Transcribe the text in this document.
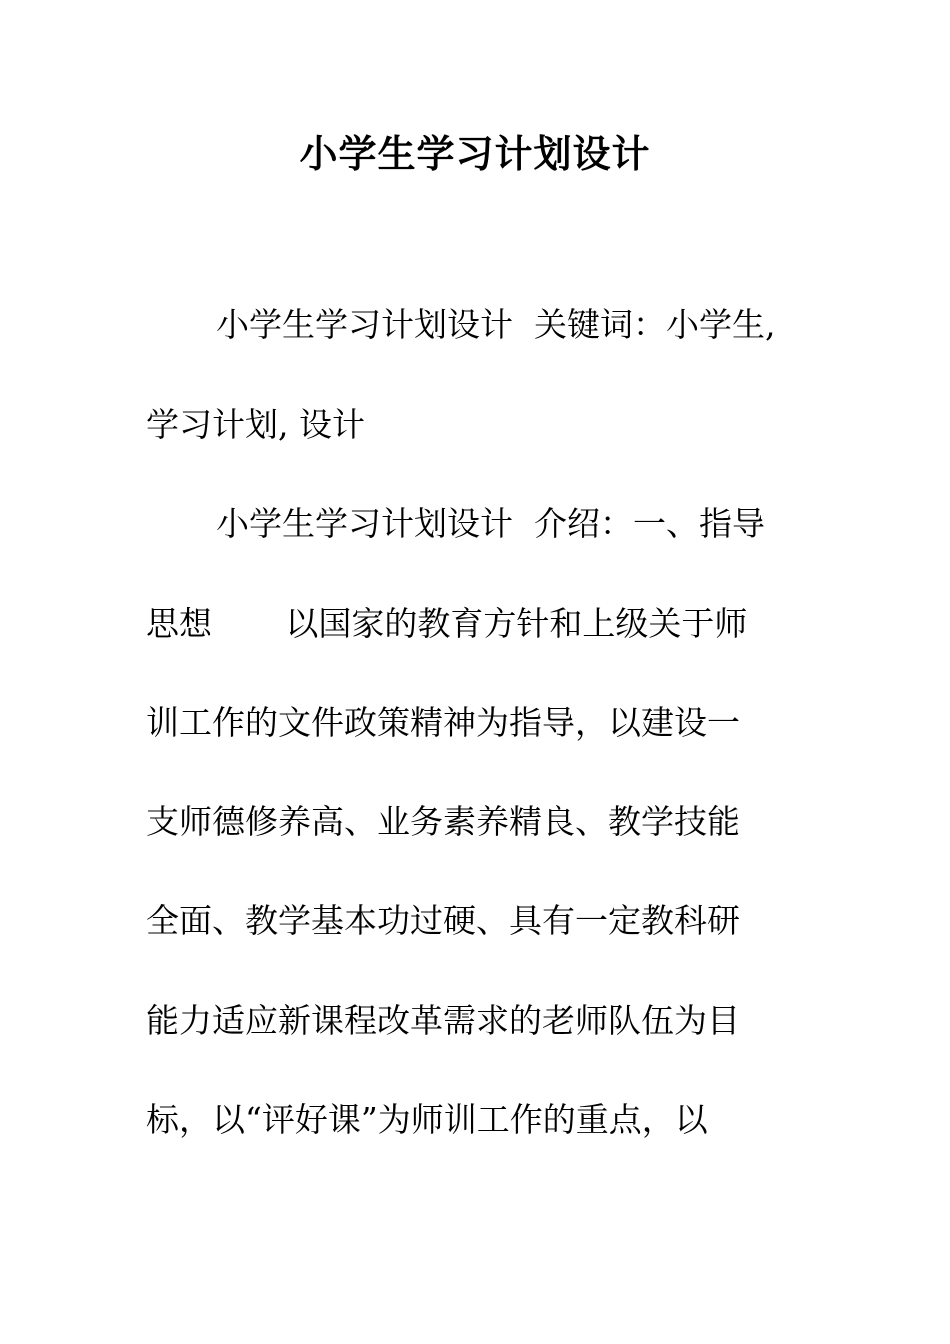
小学生学习计划设计
小学生学习计划设计  关键词：小学生,
学习计划, 设计
小学生学习计划设计  介绍：一、指导
思想       以国家的教育方针和上级关于师
训工作的文件政策精神为指导，以建设一
支师德修养高、业务素养精良、教学技能
全面、教学基本功过硬、具有一定教科研
能力适应新课程改革需求的老师队伍为目
标，以“评好课”为师训工作的重点，以
